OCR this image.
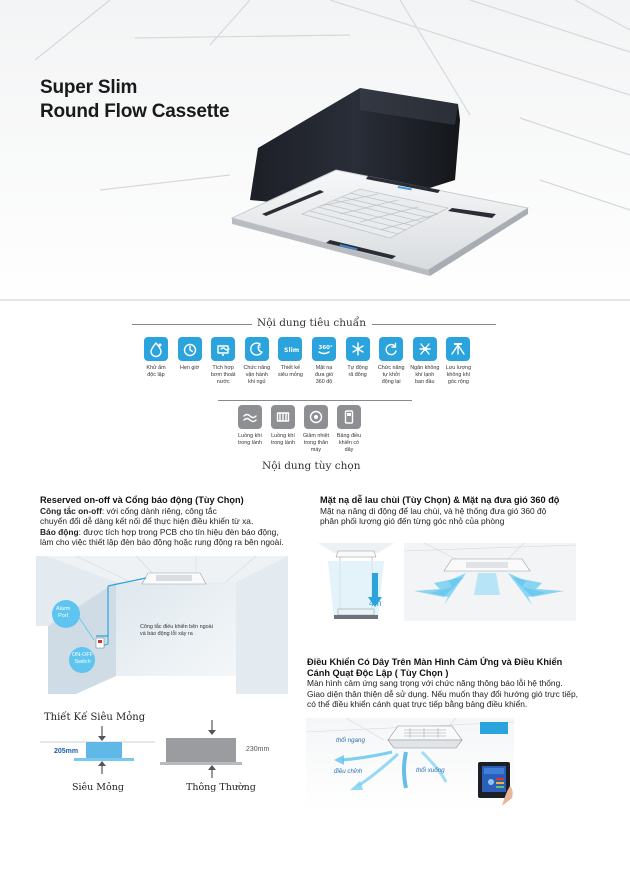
Super Slim
Round Flow Cassette
Nội dung tiêu chuẩn
Khử ẩm
độc lập
Hẹn giờ	Tích hợp
bơm thoát
nước
z
Chức năng
vận hành
khi ngủ
Slim
Thiết kế
siêu mỏng
360°
Mặt nạ
đưa gió
360 độ
Tự động
rã đông
Chức năng
tự khởi
động lại
Ngăn không
khí lạnh
ban đầu
Lưu lượng
không khí
góc rộng
Luồng khí
trong lành
Luồng khí
trong lành
Giảm nhiệt
trong thân
máy
Bảng điều
khiển có
dây
Nội dung tùy chọn
Reserved on-off và Cổng báo động (Tùy Chọn)
Công tắc on-off: với cổng dành riêng, công tắc
chuyển đổi dễ dàng kết nối để thực hiện điều khiển từ xa.
Báo động: được tích hợp trong PCB cho tín hiệu đèn báo động,
làm cho việc thiết lập đèn báo động hoặc rung động ra bên ngoài.
Alarm
Port
ON-OFF
Switch
Công tắc điều khiển bên ngoài
và báo động lỗi xảy ra
Thiết Kế Siêu Mỏng
205mm	230mm
Siêu Mỏng	Thông Thường
Mặt nạ dễ lau chùi (Tùy Chọn) & Mặt nạ đưa gió 360 độ
Mặt nạ nâng di động để lau chùi, và hệ thống đưa gió 360 độ
phân phối lượng gió đến từng góc nhỏ của phòng
4m
Điều Khiển Có Dây Trên Màn Hình Cảm Ứng và Điều Khiển
Cánh Quạt Độc Lập ( Tùy Chọn )
Màn hình cảm ứng sang trọng với chức năng thông báo lỗi hệ thống.
Giao diện thân thiện dễ sử dụng. Nếu muốn thay đổi hướng gió trực tiếp,
có thể điều khiển cánh quạt trực tiếp bằng bảng điều khiển.
thổi ngang
điều chỉnh	thổi xuống
